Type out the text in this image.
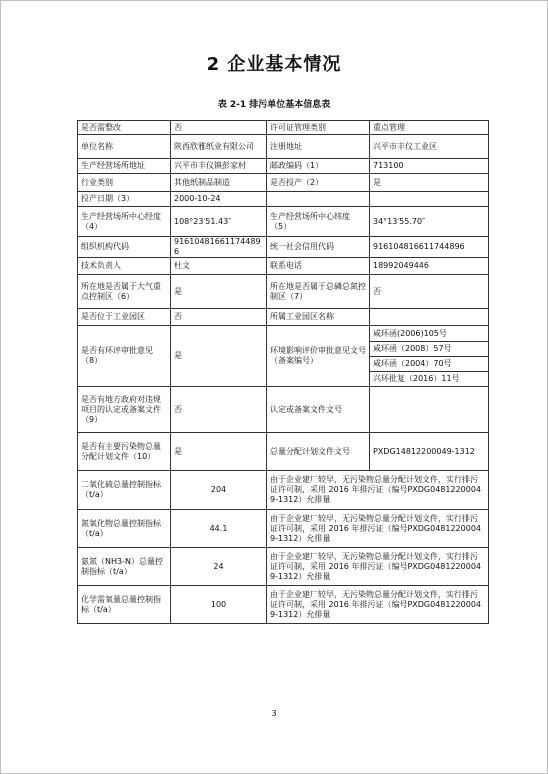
2 企业基本情况
表 2-1 排污单位基本信息表
是否需整改	否	许可证管理类别	重点管理
单位名称	陕西欣雅纸业有限公司	注册地址	兴平市丰仪工业区
生产经营场所地址	兴平市丰仪镇彭家村	邮政编码（1）	713100
行业类别	其他纸制品制造	是否投产（2）	是
投产日期（3）	2000-10-24		
生产经营场所中心经度（4）	108°23′51.43″	生产经营场所中心纬度（5）	34°13′55.70″
组织机构代码	916104816611744896	统一社会信用代码	916104816611744896
技术负责人	杜文	联系电话	18992049446
所在地是否属于大气重点控制区（6）	是	所在地是否属于总磷总氮控制区（7）	否
是否位于工业园区	否	所属工业园区名称	
是否有环评审批意见（8）	是	环境影响评价审批意见文号（备案编号）	咸环函(2006)105号
			咸环函（2008）57号
			咸环函（2004）70号
			兴环批复（2016）11号
是否有地方政府对违规项目的认定或备案文件（9）	否	认定或备案文件文号	
是否有主要污染物总量分配计划文件（10）	是	总量分配计划文件文号	PXDG14812200049-1312
二氧化硫总量控制指标（t/a）	204	由于企业建厂较早，无污染物总量分配计划文件，实行排污证许可制，采用 2016 年排污证（编号PXDG04812200049-1312）允排量	
氮氧化物总量控制指标（t/a）	44.1	由于企业建厂较早，无污染物总量分配计划文件，实行排污证许可制，采用 2016 年排污证（编号PXDG04812200049-1312）允排量	
氨氮（NH3-N）总量控制指标（t/a）	24	由于企业建厂较早，无污染物总量分配计划文件，实行排污证许可制，采用 2016 年排污证（编号PXDG04812200049-1312）允排量	
化学需氧量总量控制指标（t/a）	100	由于企业建厂较早，无污染物总量分配计划文件，实行排污证许可制，采用 2016 年排污证（编号PXDG04812200049-1312）允排量	
3
